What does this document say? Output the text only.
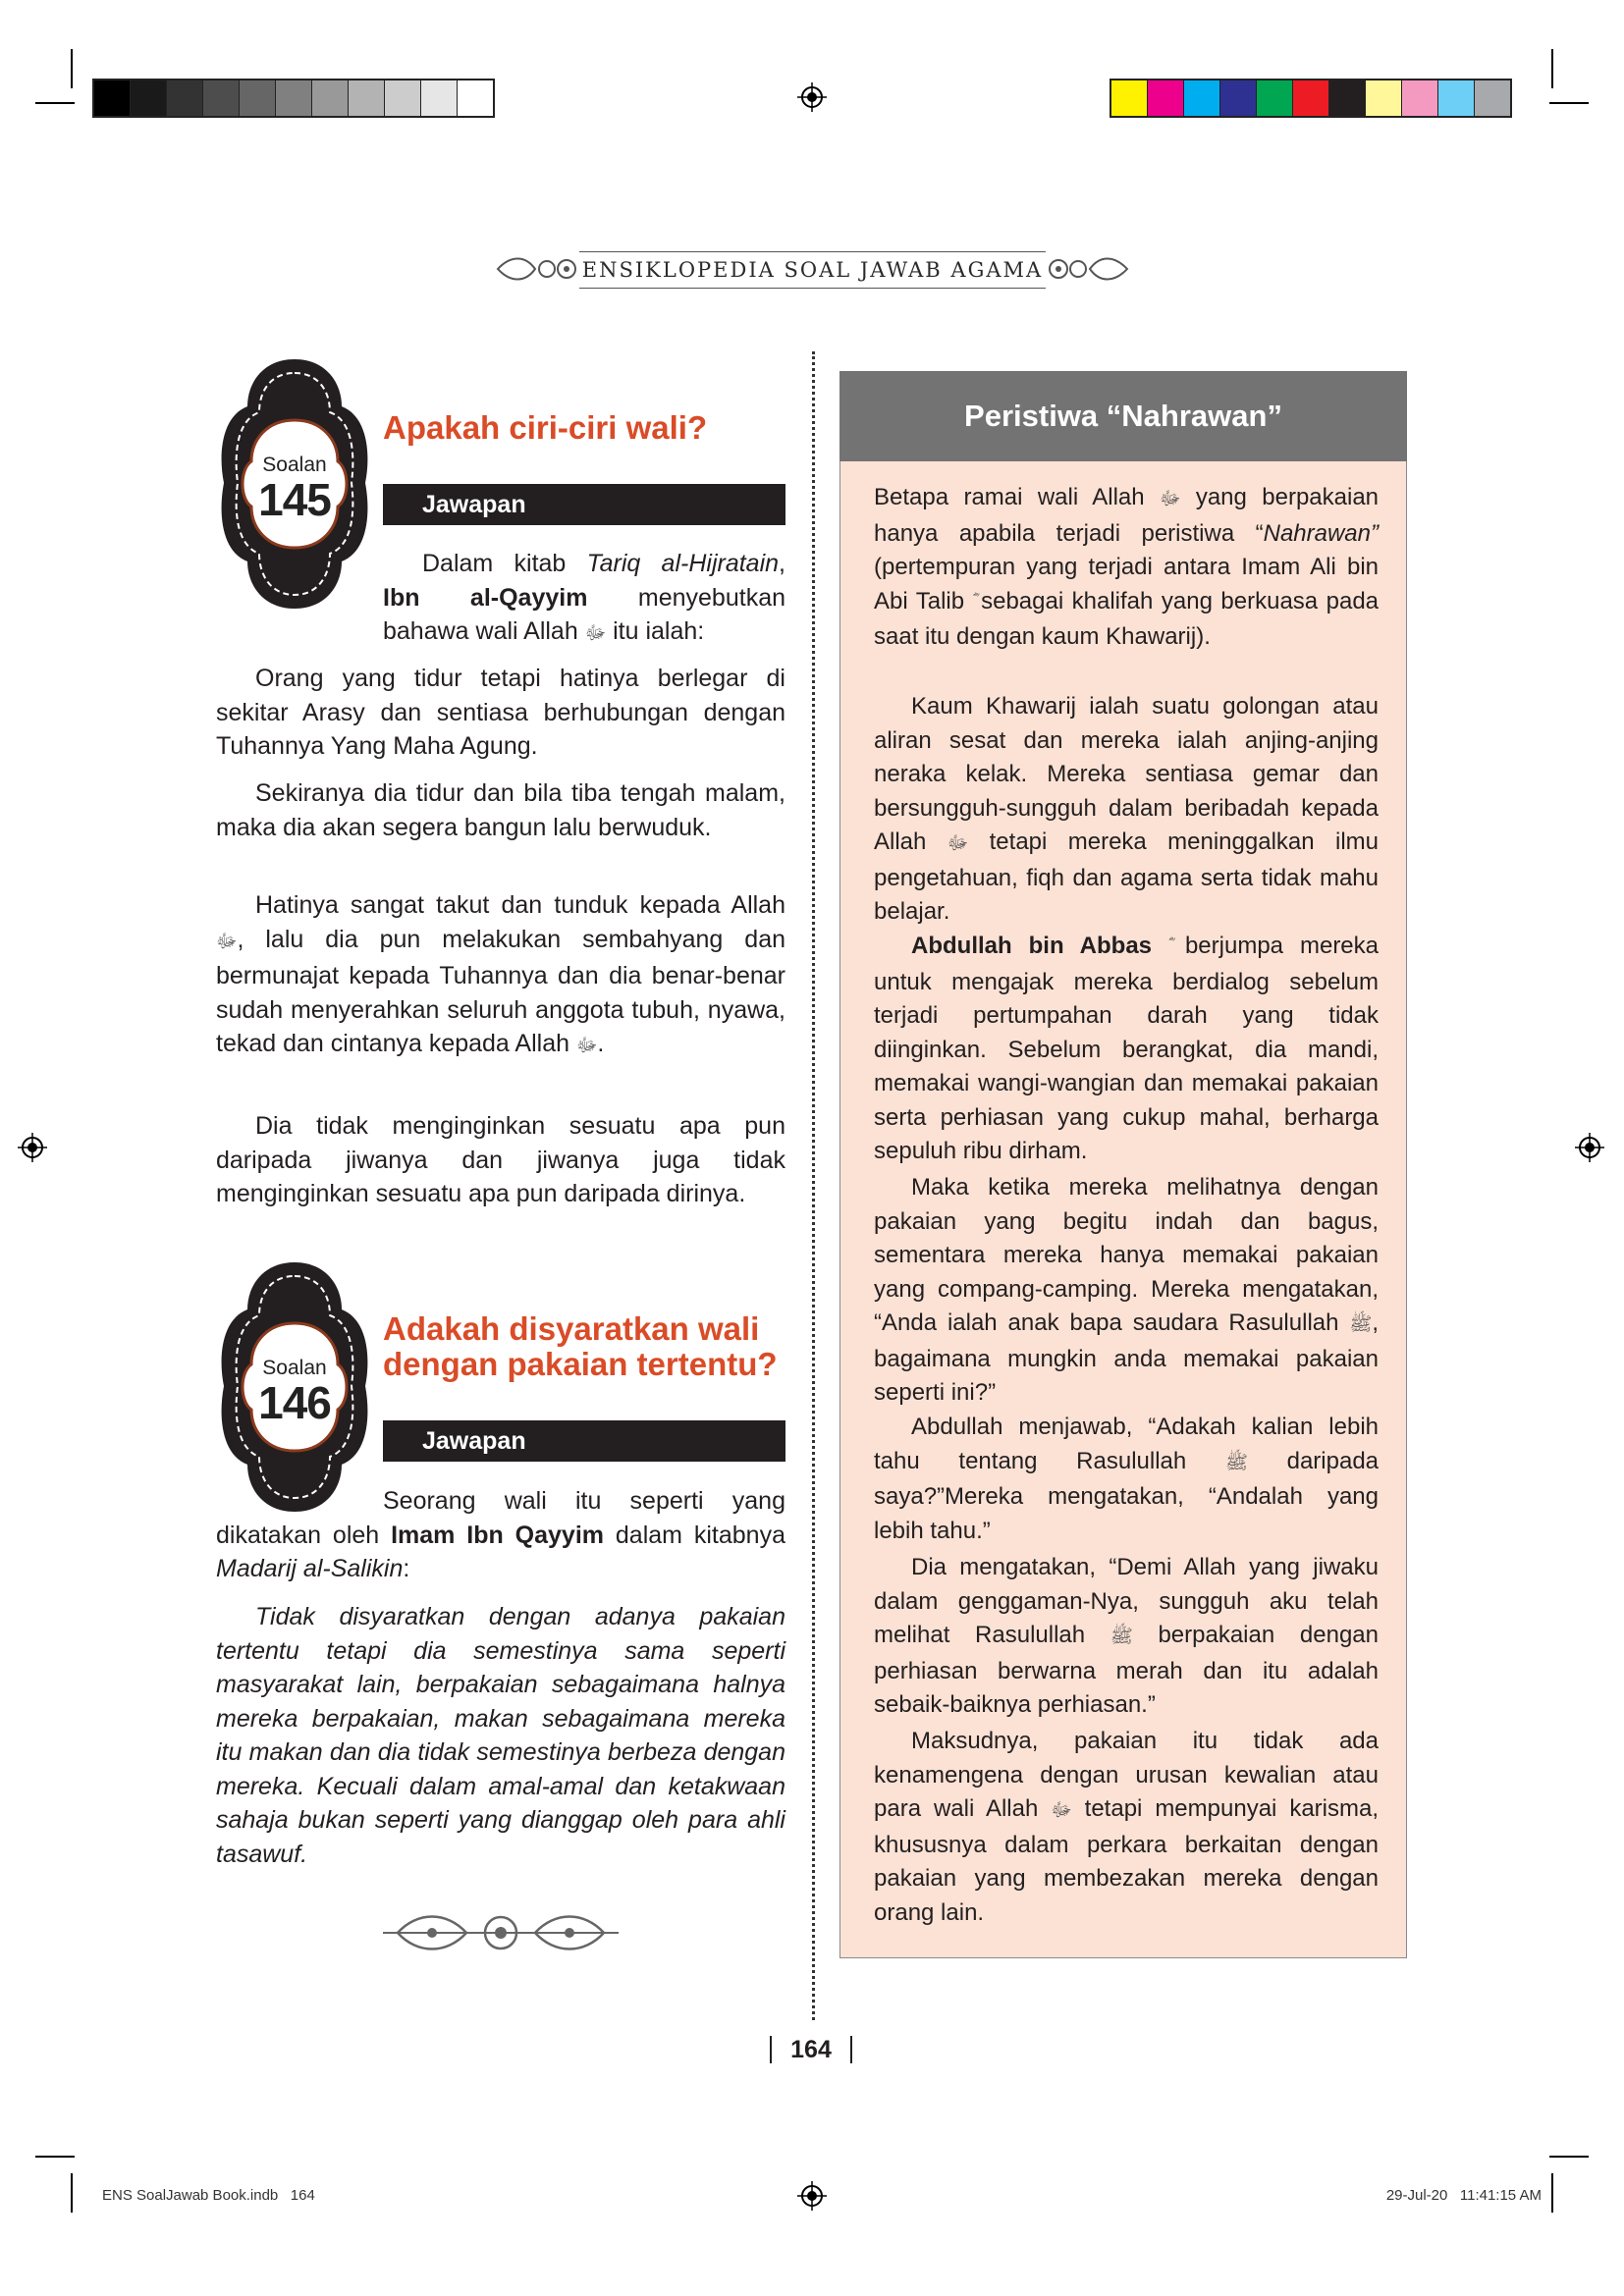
ENSIKLOPEDIA SOAL JAWAB AGAMA
Soalan
145
Apakah ciri-ciri wali?
Jawapan
Dalam kitab Tariq al-Hijratain, Ibn al-Qayyim menyebutkan bahawa wali Allah ﷻ itu ialah:
Orang yang tidur tetapi hatinya berlegar di sekitar Arasy dan sentiasa berhubungan dengan Tuhannya Yang Maha Agung.
Sekiranya dia tidur dan bila tiba tengah malam, maka dia akan segera bangun lalu berwuduk.
Hatinya sangat takut dan tunduk kepada Allah ﷻ, lalu dia pun melakukan sembahyang dan bermunajat kepada Tuhannya dan dia benar-benar sudah menyerahkan seluruh anggota tubuh, nyawa, tekad dan cintanya kepada Allah ﷻ.
Dia tidak menginginkan sesuatu apa pun daripada jiwanya dan jiwanya juga tidak menginginkan sesuatu apa pun daripada dirinya.
Soalan
146
Adakah disyaratkan wali
dengan pakaian tertentu?
Jawapan
Seorang wali itu seperti yang dikatakan oleh Imam Ibn Qayyim dalam kitabnya Madarij al-Salikin:
Tidak disyaratkan dengan adanya pakaian tertentu tetapi dia semestinya sama seperti masyarakat lain, berpakaian sebagaimana halnya mereka berpakaian, makan sebagaimana mereka itu makan dan dia tidak semestinya berbeza dengan mereka. Kecuali dalam amal-amal dan ketakwaan sahaja bukan seperti yang dianggap oleh para ahli tasawuf.
Peristiwa “Nahrawan”
Betapa ramai wali Allah ﷻ yang berpakaian hanya apabila terjadi peristiwa “Nahrawan” (pertempuran yang terjadi antara Imam Ali bin Abi Talib sebagai khalifah yang berkuasa pada saat itu dengan kaum Khawarij).
Kaum Khawarij ialah suatu golongan atau aliran sesat dan mereka ialah anjing-anjing neraka kelak. Mereka sentiasa gemar dan bersungguh-sungguh dalam beribadah kepada Allah ﷻ tetapi mereka meninggalkan ilmu pengetahuan, fiqh dan agama serta tidak mahu belajar.
Abdullah bin Abbas berjumpa mereka untuk mengajak mereka berdialog sebelum terjadi pertumpahan darah yang tidak diinginkan. Sebelum berangkat, dia mandi, memakai wangi-wangian dan memakai pakaian serta perhiasan yang cukup mahal, berharga sepuluh ribu dirham.
Maka ketika mereka melihatnya dengan pakaian yang begitu indah dan bagus, sementara mereka hanya memakai pakaian yang compang-camping. Mereka mengatakan, “Anda ialah anak bapa saudara Rasulullah ﷺ, bagaimana mungkin anda memakai pakaian seperti ini?”
Abdullah menjawab, “Adakah kalian lebih tahu tentang Rasulullah ﷺ daripada saya?”Mereka mengatakan, “Andalah yang lebih tahu.”
Dia mengatakan, “Demi Allah yang jiwaku dalam genggaman-Nya, sungguh aku telah melihat Rasulullah ﷺ berpakaian dengan perhiasan berwarna merah dan itu adalah sebaik-baiknya perhiasan.”
Maksudnya, pakaian itu tidak ada kenamengena dengan urusan kewalian atau para wali Allah ﷻ tetapi mempunyai karisma, khususnya dalam perkara berkaitan dengan pakaian yang membezakan mereka dengan orang lain.
164
ENS SoalJawab Book.indb 164	29-Jul-20 11:41:15 AM
